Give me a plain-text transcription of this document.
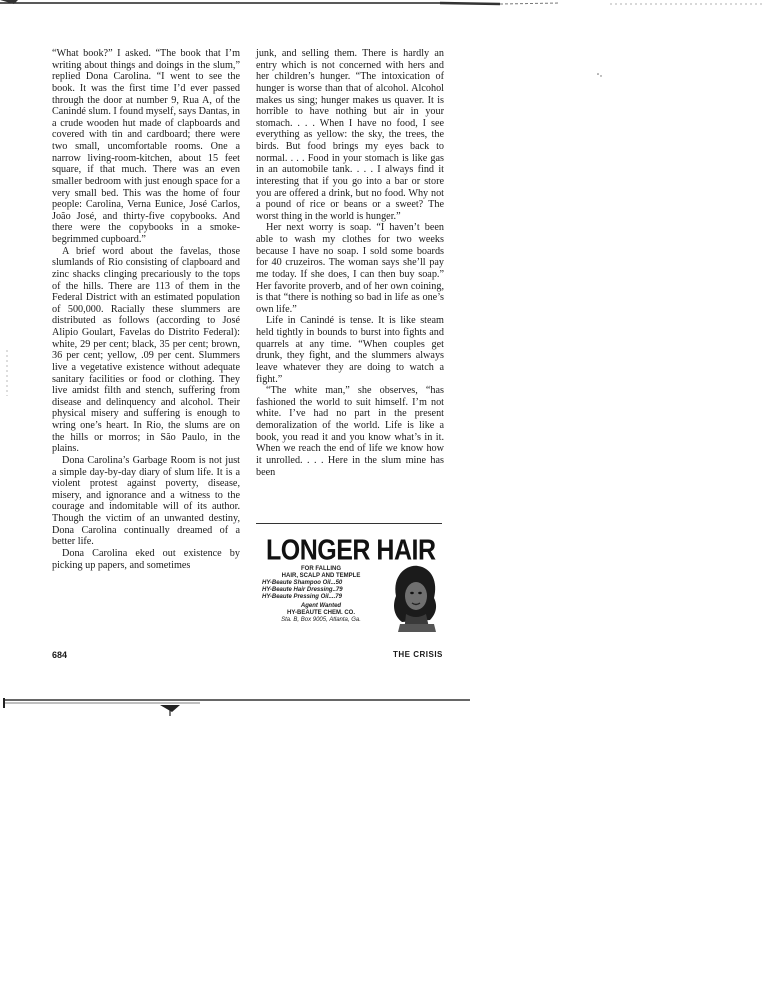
“What book?” I asked. “The book that I’m writing about things and doings in the slum,” replied Dona Carolina. “I went to see the book. It was the first time I’d ever passed through the door at number 9, Rua A, of the Canindé slum. I found myself, says Dantas, in a crude wooden hut made of clapboards and covered with tin and cardboard; there were two small, uncomfortable rooms. One a narrow living-room-kitchen, about 15 feet square, if that much. There was an even smaller bedroom with just enough space for a very small bed. This was the home of four people: Carolina, Verna Eunice, José Carlos, João José, and thirty-five copybooks. And there were the copybooks in a smoke-begrimmed cupboard.”

A brief word about the favelas, those slumlands of Rio consisting of clapboard and zinc shacks clinging precariously to the tops of the hills. There are 113 of them in the Federal District with an estimated population of 500,000. Racially these slummers are distributed as follows (according to José Alipio Goulart, Favelas do Distrito Federal): white, 29 per cent; black, 35 per cent; brown, 36 per cent; yellow, .09 per cent. Slummers live a vegetative existence without adequate sanitary facilities or food or clothing. They live amidst filth and stench, suffering from disease and delinquency and alcohol. Their physical misery and suffering is enough to wring one’s heart. In Rio, the slums are on the hills or morros; in São Paulo, in the plains.

Dona Carolina’s Garbage Room is not just a simple day-by-day diary of slum life. It is a violent protest against poverty, disease, misery, and ignorance and a witness to the courage and indomitable will of its author. Though the victim of an unwanted destiny, Dona Carolina continually dreamed of a better life.

Dona Carolina eked out existence by picking up papers, and sometimes

junk, and selling them. There is hardly an entry which is not concerned with hers and her children’s hunger. “The intoxication of hunger is worse than that of alcohol. Alcohol makes us sing; hunger makes us quaver. It is horrible to have nothing but air in your stomach. . . . When I have no food, I see everything as yellow: the sky, the trees, the birds. But food brings my eyes back to normal. . . . Food in your stomach is like gas in an automobile tank. . . . I always find it interesting that if you go into a bar or store you are offered a drink, but no food. Why not a pound of rice or beans or a sweet? The worst thing in the world is hunger.”

Her next worry is soap. “I haven’t been able to wash my clothes for two weeks because I have no soap. I sold some boards for 40 cruzeiros. The woman says she’ll pay me today. If she does, I can then buy soap.” Her favorite proverb, and of her own coining, is that “there is nothing so bad in life as one’s own life.”

Life in Canindé is tense. It is like steam held tightly in bounds to burst into fights and quarrels at any time. “When couples get drunk, they fight, and the slummers always leave whatever they are doing to watch a fight.”

“The white man,” she observes, “has fashioned the world to suit himself. I’m not white. I’ve had no part in the present demoralization of the world. Life is like a book, you read it and you know what’s in it. When we reach the end of life we know how it unrolled. . . . Here in the slum mine has been

LONGER HAIR
FOR FALLING
HAIR, SCALP AND TEMPLE
HY-Beaute Shampoo Oil...50
HY-Beaute Hair Dressing..79
HY-Beaute Pressing Oil....79
Agent Wanted
HY-BEAUTE CHEM. CO.
Sta. B, Box 9005, Atlanta, Ga.
684	THE CRISIS
